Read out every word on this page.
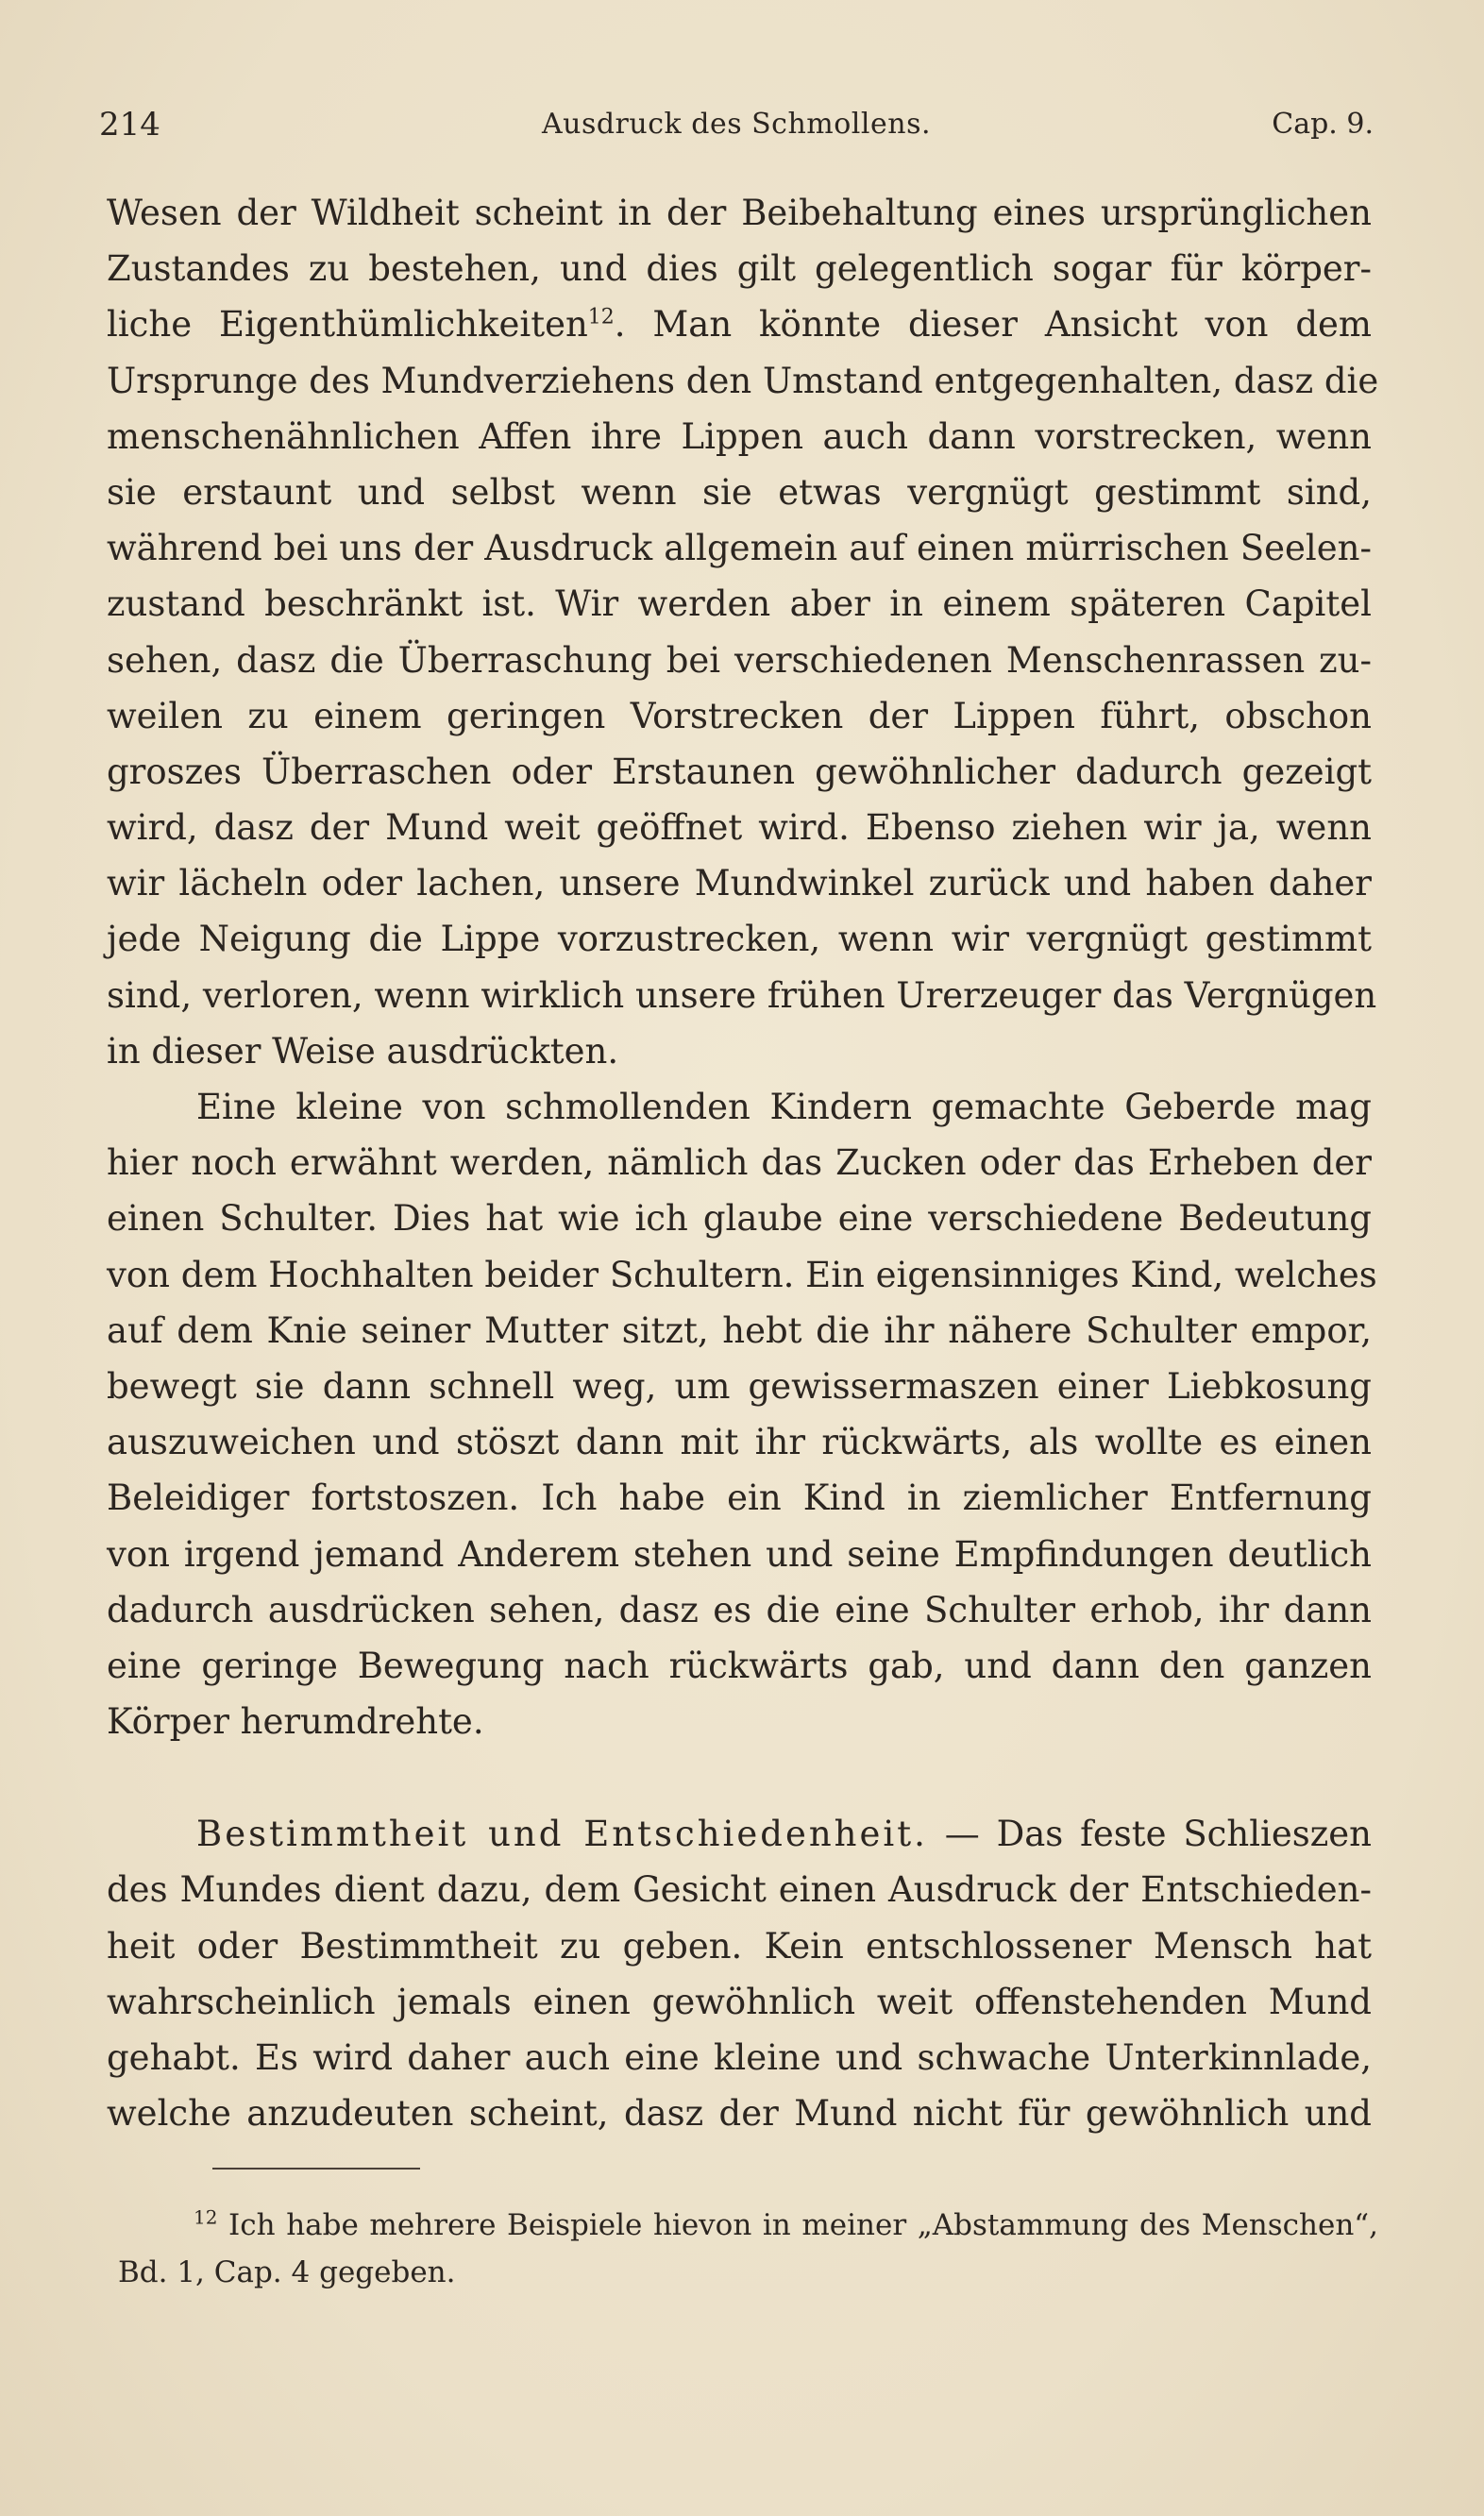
214	Ausdruck des Schmollens.	Cap. 9.
Wesen der Wildheit scheint in der Beibehaltung eines ursprünglichen
Zustandes zu bestehen, und dies gilt gelegentlich sogar für körper-
liche Eigenthümlichkeiten$^{12}$. Man könnte dieser Ansicht von dem
Ursprunge des Mundverziehens den Umstand entgegenhalten, dasz die
menschenähnlichen Affen ihre Lippen auch dann vorstrecken, wenn
sie erstaunt und selbst wenn sie etwas vergnügt gestimmt sind,
während bei uns der Ausdruck allgemein auf einen mürrischen Seelen-
zustand beschränkt ist. Wir werden aber in einem späteren Capitel
sehen, dasz die Überraschung bei verschiedenen Menschenrassen zu-
weilen zu einem geringen Vorstrecken der Lippen führt, obschon
groszes Überraschen oder Erstaunen gewöhnlicher dadurch gezeigt
wird, dasz der Mund weit geöffnet wird. Ebenso ziehen wir ja, wenn
wir lächeln oder lachen, unsere Mundwinkel zurück und haben daher
jede Neigung die Lippe vorzustrecken, wenn wir vergnügt gestimmt
sind, verloren, wenn wirklich unsere frühen Urerzeuger das Vergnügen
in dieser Weise ausdrückten.
Eine kleine von schmollenden Kindern gemachte Geberde mag
hier noch erwähnt werden, nämlich das Zucken oder das Erheben der
einen Schulter. Dies hat wie ich glaube eine verschiedene Bedeutung
von dem Hochhalten beider Schultern. Ein eigensinniges Kind, welches
auf dem Knie seiner Mutter sitzt, hebt die ihr nähere Schulter empor,
bewegt sie dann schnell weg, um gewissermaszen einer Liebkosung
auszuweichen und stöszt dann mit ihr rückwärts, als wollte es einen
Beleidiger fortstoszen. Ich habe ein Kind in ziemlicher Entfernung
von irgend jemand Anderem stehen und seine Empfindungen deutlich
dadurch ausdrücken sehen, dasz es die eine Schulter erhob, ihr dann
eine geringe Bewegung nach rückwärts gab, und dann den ganzen
Körper herumdrehte.
Bestimmtheit und Entschiedenheit. — Das feste Schlieszen
des Mundes dient dazu, dem Gesicht einen Ausdruck der Entschieden-
heit oder Bestimmtheit zu geben. Kein entschlossener Mensch hat
wahrscheinlich jemals einen gewöhnlich weit offenstehenden Mund
gehabt. Es wird daher auch eine kleine und schwache Unterkinnlade,
welche anzudeuten scheint, dasz der Mund nicht für gewöhnlich und
$^{12}$ Ich habe mehrere Beispiele hievon in meiner „Abstammung des Menschen“,
Bd. 1, Cap. 4 gegeben.
